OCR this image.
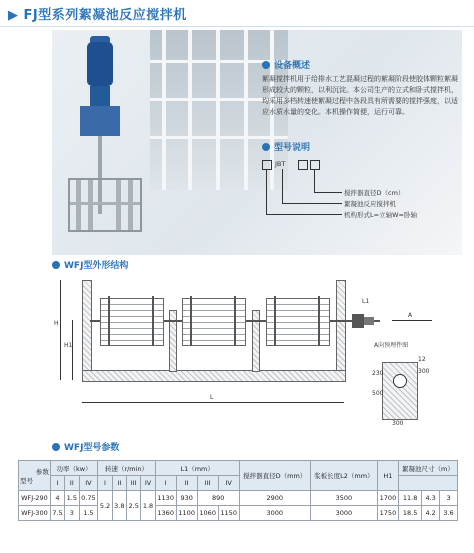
▶ FJ型系列絮凝池反应搅拌机
设备概述
絮凝搅拌机用于给排水工艺混凝过程的絮凝阶段使胶体颗粒絮凝形成较大的颗粒，以利沉淀。本公司生产的立式和卧式搅拌机，均采用多档转速使絮凝过程中各段具有所需要的搅拌强度，以适应水质水量的变化。本机操作简便，运行可靠。
型号说明
JBT
搅拌器直径D（cm）
絮凝池反应搅拌机
机构形式L=立轴W=卧轴
WFJ型外形结构
L1
A
H
H1
L
A向预埋件图
12
300
230
500
300
WFJ型号参数
参数
型号	功率（kw）			转速（r/min）				L1（mm）				搅拌器直径D（mm）	浆板长度L2（mm）	H1	絮凝池尺寸（m）		
	I	II	IV	I	II	III	IV	I	II	III	IV						
WFJ-290	4	1.5	0.75	5.2	3.8	2.5	1.8	1130	930	890		2900	3500	1700	11.8	4.3	3
WFJ-300	7.5	3	1.5					1360	1100	1060	1150	3000	3000	1750	18.5	4.2	3.6
